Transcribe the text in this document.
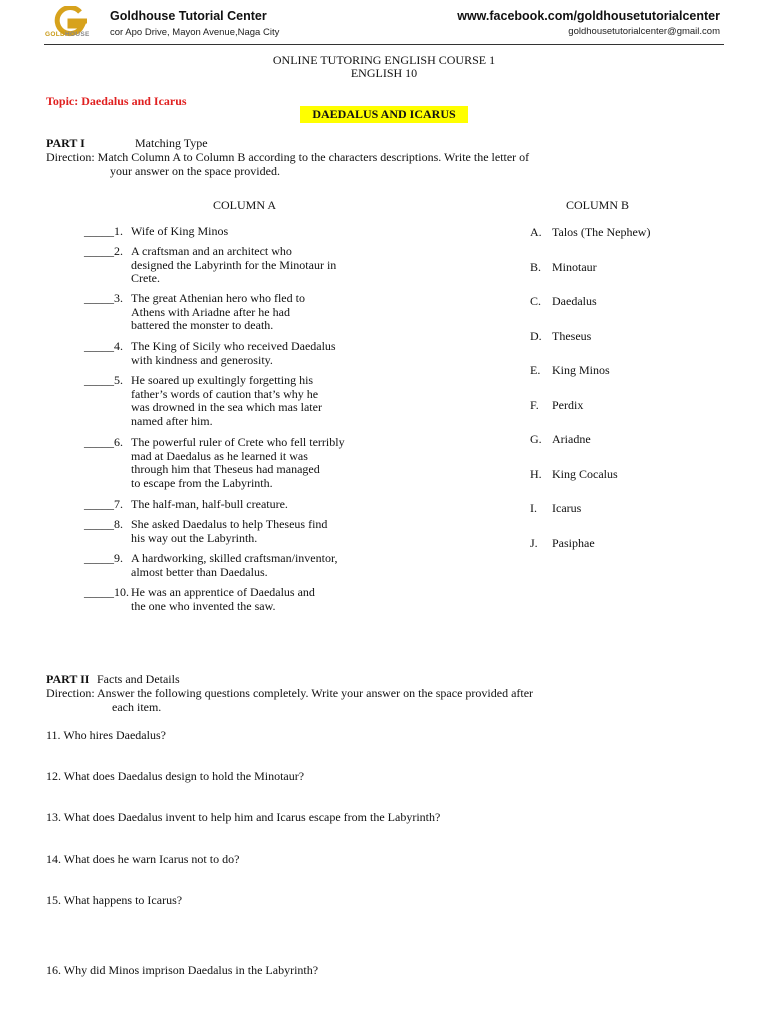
GOLDHOUSE
Goldhouse Tutorial Center
cor Apo Drive, Mayon Avenue,Naga City
www.facebook.com/goldhousetutorialcenter
goldhousetutorialcenter@gmail.com
ONLINE TUTORING ENGLISH COURSE 1
ENGLISH 10
Topic: Daedalus and Icarus
DAEDALUS AND ICARUS
PART I	Matching Type
Direction: Match Column A to Column B according to the characters descriptions. Write the letter of
your answer on the space provided.
COLUMN A	COLUMN B
_____1. Wife of King Minos
_____2. A craftsman and an architect who
designed the Labyrinth for the Minotaur in
Crete.
_____3. The great Athenian hero who fled to
Athens with Ariadne after he had
battered the monster to death.
_____4. The King of Sicily who received Daedalus
with kindness and generosity.
_____5. He soared up exultingly forgetting his
father’s words of caution that’s why he
was drowned in the sea which mas later
named after him.
_____6. The powerful ruler of Crete who fell terribly
mad at Daedalus as he learned it was
through him that Theseus had managed
to escape from the Labyrinth.
_____7. The half-man, half-bull creature.
_____8. She asked Daedalus to help Theseus find
his way out the Labyrinth.
_____9. A hardworking, skilled craftsman/inventor,
almost better than Daedalus.
_____10. He was an apprentice of Daedalus and
the one who invented the saw.
A. Talos (The Nephew)
B. Minotaur
C. Daedalus
D. Theseus
E. King Minos
F. Perdix
G. Ariadne
H. King Cocalus
I. Icarus
J. Pasiphae
PART II Facts and Details
Direction: Answer the following questions completely. Write your answer on the space provided after
each item.
11. Who hires Daedalus?
12. What does Daedalus design to hold the Minotaur?
13. What does Daedalus invent to help him and Icarus escape from the Labyrinth?
14. What does he warn Icarus not to do?
15. What happens to Icarus?
16. Why did Minos imprison Daedalus in the Labyrinth?
